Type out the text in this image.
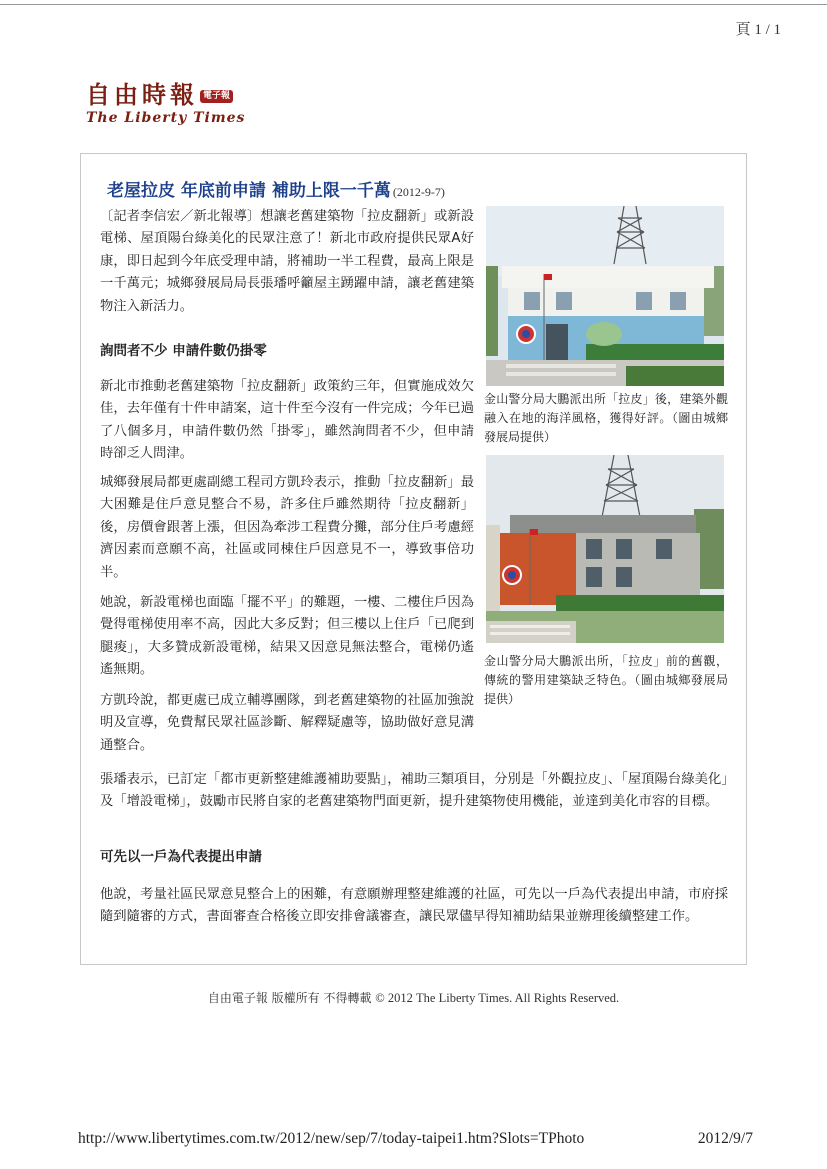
頁 1 / 1
自由時報 電子報
The Liberty Times
老屋拉皮 年底前申請 補助上限一千萬 (2012-9-7)

〔記者李信宏／新北報導〕想讓老舊建築物「拉皮翻新」或新設電梯、屋頂陽台綠美化的民眾注意了！新北市政府提供民眾A好康，即日起到今年底受理申請，將補助一半工程費，最高上限是一千萬元；城鄉發展局局長張璠呼籲屋主踴躍申請，讓老舊建築物注入新活力。

詢問者不少 申請件數仍掛零

新北市推動老舊建築物「拉皮翻新」政策約三年，但實施成效欠佳，去年僅有十件申請案，這十件至今沒有一件完成；今年已過了八個多月，申請件數仍然「掛零」，雖然詢問者不少，但申請時卻乏人問津。

城鄉發展局都更處副總工程司方凱玲表示，推動「拉皮翻新」最大困難是住戶意見整合不易，許多住戶雖然期待「拉皮翻新」後，房價會跟著上漲，但因為牽涉工程費分攤，部分住戶考慮經濟因素而意願不高，社區或同棟住戶因意見不一，導致事倍功半。

她說，新設電梯也面臨「擺不平」的難題，一樓、二樓住戶因為覺得電梯使用率不高，因此大多反對；但三樓以上住戶「已爬到腿痠」，大多贊成新設電梯，結果又因意見無法整合，電梯仍遙遙無期。

方凱玲說，都更處已成立輔導團隊，到老舊建築物的社區加強說明及宣導，免費幫民眾社區診斷、解釋疑慮等，協助做好意見溝通整合。

張璠表示，已訂定「都市更新整建維護補助要點」，補助三類項目，分別是「外觀拉皮」、「屋頂陽台綠美化」及「增設電梯」，鼓勵市民將自家的老舊建築物門面更新，提升建築物使用機能，並達到美化市容的目標。

可先以一戶為代表提出申請

他說，考量社區民眾意見整合上的困難，有意願辦理整建維護的社區，可先以一戶為代表提出申請，市府採隨到隨審的方式，書面審查合格後立即安排會議審查，讓民眾儘早得知補助結果並辦理後續整建工作。

金山警分局大鵬派出所「拉皮」後，建築外觀融入在地的海洋風格，獲得好評。（圖由城鄉發展局提供）

金山警分局大鵬派出所，「拉皮」前的舊觀，傳統的警用建築缺乏特色。（圖由城鄉發展局提供）

自由電子報 版權所有 不得轉載 © 2012 The Liberty Times. All Rights Reserved.
http://www.libertytimes.com.tw/2012/new/sep/7/today-taipei1.htm?Slots=TPhoto	2012/9/7
